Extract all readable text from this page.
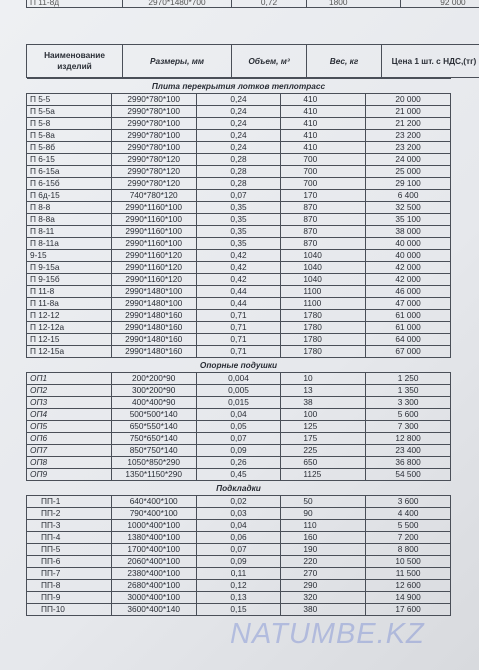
П 11-8д	2970*1480*700	0,72	1800	92 000
Наименование изделий	Размеры, мм	Объем, м³	Вес, кг	Цена 1 шт. с НДС,(тг)
Плита перекрытия лотков теплотрасс				
П 5-5	2990*780*100	0,24	410	20 000
П 5-5а	2990*780*100	0,24	410	21 000
П 5-8	2990*780*100	0,24	410	21 200
П 5-8а	2990*780*100	0,24	410	23 200
П 5-8б	2990*780*100	0,24	410	23 200
П 6-15	2990*780*120	0,28	700	24 000
П 6-15а	2990*780*120	0,28	700	25 000
П 6-15б	2990*780*120	0,28	700	29 100
П 6д-15	740*780*120	0,07	170	6 400
П 8-8	2990*1160*100	0,35	870	32 500
П 8-8а	2990*1160*100	0,35	870	35 100
П 8-11	2990*1160*100	0,35	870	38 000
П 8-11а	2990*1160*100	0,35	870	40 000
9-15	2990*1160*120	0,42	1040	40 000
П 9-15а	2990*1160*120	0,42	1040	42 000
П 9-15б	2990*1160*120	0,42	1040	42 000
П 11-8	2990*1480*100	0,44	1100	46 000
П 11-8а	2990*1480*100	0,44	1100	47 000
П 12-12	2990*1480*160	0,71	1780	61 000
П 12-12а	2990*1480*160	0,71	1780	61 000
П 12-15	2990*1480*160	0,71	1780	64 000
П 12-15а	2990*1480*160	0,71	1780	67 000
Опорные подушки				
ОП1	200*200*90	0,004	10	1 250
ОП2	300*200*90	0,005	13	1 350
ОП3	400*400*90	0,015	38	3 300
ОП4	500*500*140	0,04	100	5 600
ОП5	650*550*140	0,05	125	7 300
ОП6	750*650*140	0,07	175	12 800
ОП7	850*750*140	0,09	225	23 400
ОП8	1050*850*290	0,26	650	36 800
ОП9	1350*1150*290	0,45	1125	54 500
Подкладки				
ПП-1	640*400*100	0,02	50	3 600
ПП-2	790*400*100	0,03	90	4 400
ПП-3	1000*400*100	0,04	110	5 500
ПП-4	1380*400*100	0,06	160	7 200
ПП-5	1700*400*100	0,07	190	8 800
ПП-6	2060*400*100	0,09	220	10 500
ПП-7	2380*400*100	0,11	270	11 500
ПП-8	2680*400*100	0,12	290	12 600
ПП-9	3000*400*100	0,13	320	14 900
ПП-10	3600*400*140	0,15	380	17 600
NATUMBE.KZ
